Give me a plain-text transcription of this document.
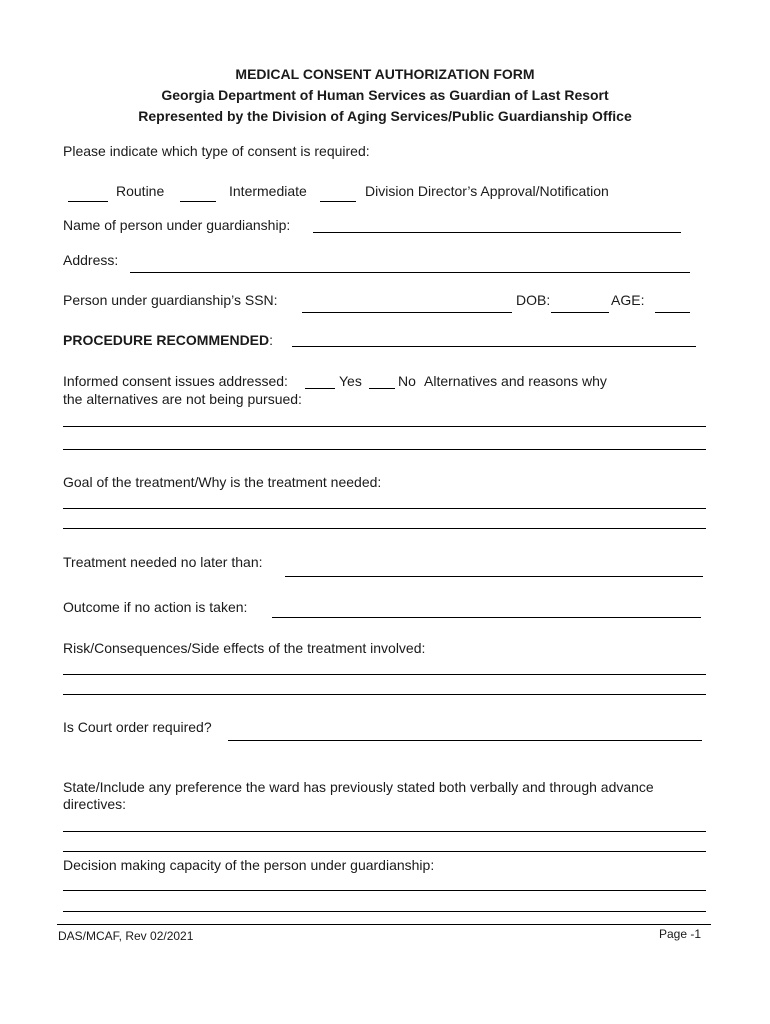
MEDICAL CONSENT AUTHORIZATION FORM
Georgia Department of Human Services as Guardian of Last Resort
Represented by the Division of Aging Services/Public Guardianship Office
Please indicate which type of consent is required:
Routine	Intermediate	Division Director’s Approval/Notification
Name of person under guardianship:
Address:
Person under guardianship’s SSN:	DOB:	AGE:
PROCEDURE RECOMMENDED:
Informed consent issues addressed:	Yes	No Alternatives and reasons why
the alternatives are not being pursued:
Goal of the treatment/Why is the treatment needed:
Treatment needed no later than:
Outcome if no action is taken:
Risk/Consequences/Side effects of the treatment involved:
Is Court order required?
State/Include any preference the ward has previously stated both verbally and through advance
directives:
Decision making capacity of the person under guardianship:
DAS/MCAF, Rev 02/2021	Page -1
